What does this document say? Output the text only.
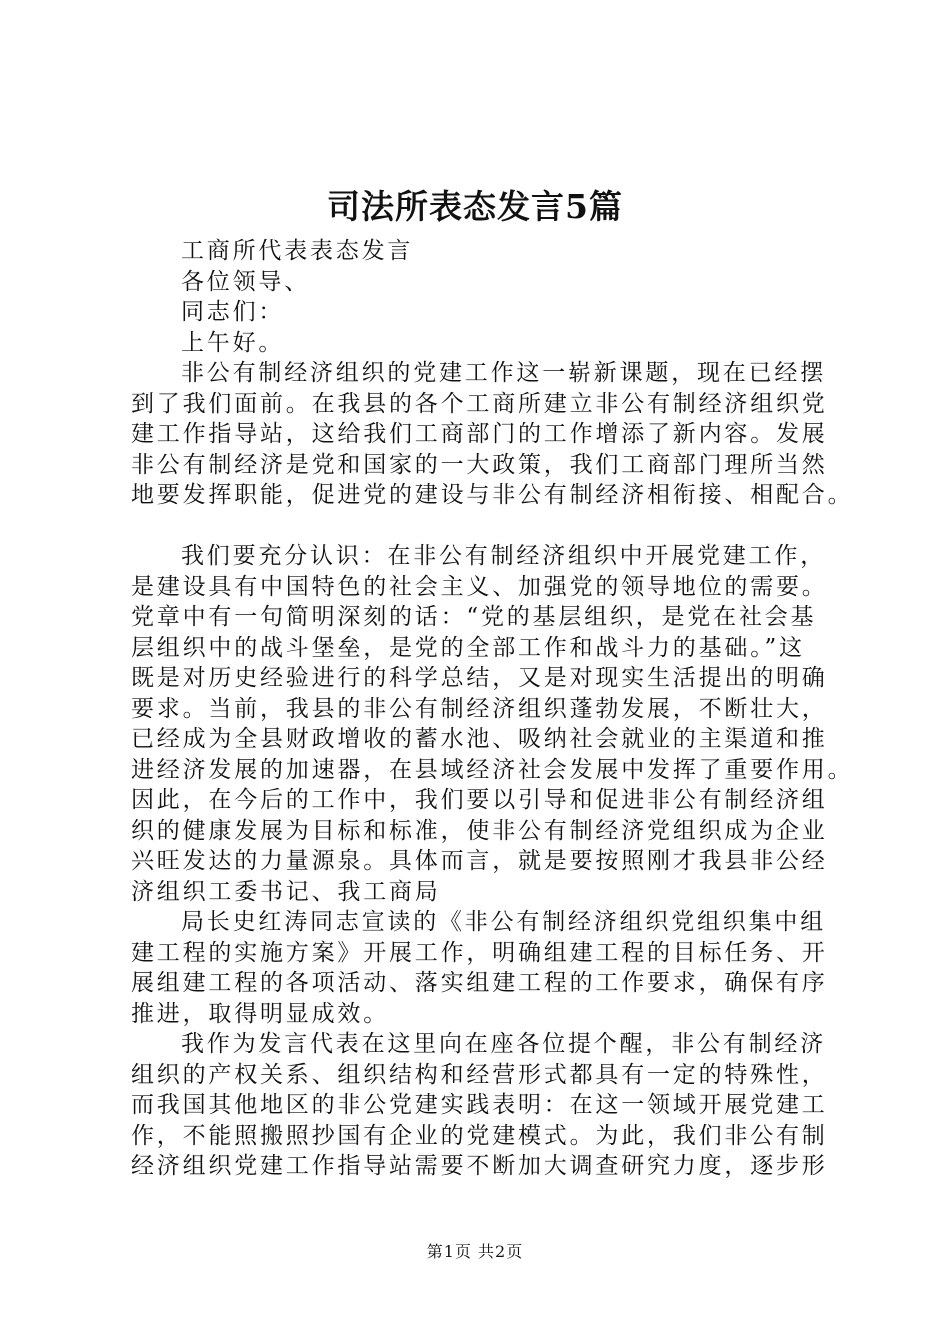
司法所表态发言5篇

工商所代表表态发言

各位领导、

同志们：

上午好。

非公有制经济组织的党建工作这一崭新课题，现在已经摆

到了我们面前。在我县的各个工商所建立非公有制经济组织党

建工作指导站，这给我们工商部门的工作增添了新内容。发展

非公有制经济是党和国家的一大政策，我们工商部门理所当然

地要发挥职能，促进党的建设与非公有制经济相衔接、相配合。

我们要充分认识：在非公有制经济组织中开展党建工作，

是建设具有中国特色的社会主义、加强党的领导地位的需要。

党章中有一句简明深刻的话：“党的基层组织，是党在社会基

层组织中的战斗堡垒，是党的全部工作和战斗力的基础。”这

既是对历史经验进行的科学总结，又是对现实生活提出的明确

要求。当前，我县的非公有制经济组织蓬勃发展，不断壮大，

已经成为全县财政增收的蓄水池、吸纳社会就业的主渠道和推

进经济发展的加速器，在县域经济社会发展中发挥了重要作用。

因此，在今后的工作中，我们要以引导和促进非公有制经济组

织的健康发展为目标和标准，使非公有制经济党组织成为企业

兴旺发达的力量源泉。具体而言，就是要按照刚才我县非公经

济组织工委书记、我工商局

局长史红涛同志宣读的《非公有制经济组织党组织集中组

建工程的实施方案》开展工作，明确组建工程的目标任务、开

展组建工程的各项活动、落实组建工程的工作要求，确保有序

推进，取得明显成效。

我作为发言代表在这里向在座各位提个醒，非公有制经济

组织的产权关系、组织结构和经营形式都具有一定的特殊性，

而我国其他地区的非公党建实践表明：在这一领域开展党建工

作，不能照搬照抄国有企业的党建模式。为此，我们非公有制

经济组织党建工作指导站需要不断加大调查研究力度，逐步形

第1页 共2页
